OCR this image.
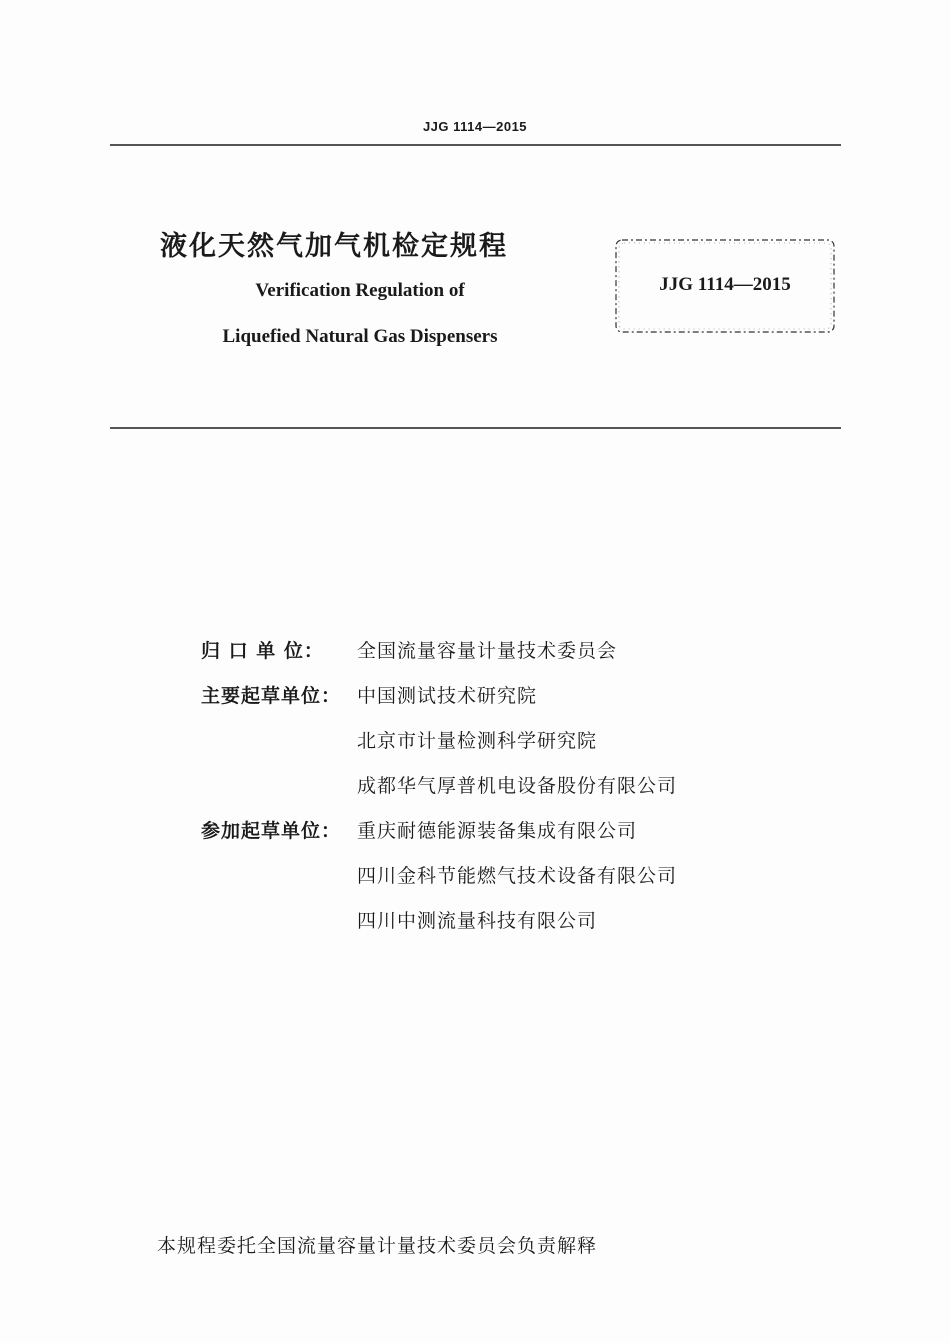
JJG 1114—2015
液化天然气加气机检定规程
Verification Regulation of
Liquefied Natural Gas Dispensers
JJG 1114—2015
归 口 单 位： 全国流量容量计量技术委员会
主要起草单位： 中国测试技术研究院
北京市计量检测科学研究院
成都华气厚普机电设备股份有限公司
参加起草单位： 重庆耐德能源装备集成有限公司
四川金科节能燃气技术设备有限公司
四川中测流量科技有限公司
本规程委托全国流量容量计量技术委员会负责解释
